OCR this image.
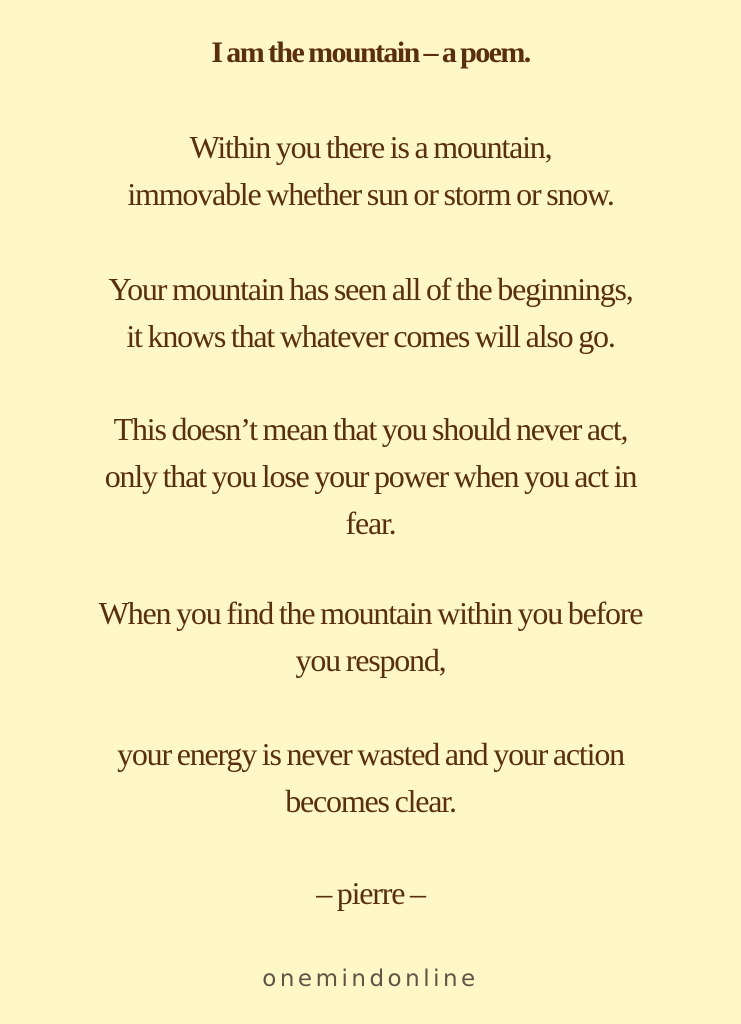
I am the mountain – a poem.
Within you there is a mountain,
immovable whether sun or storm or snow.
Your mountain has seen all of the beginnings,
it knows that whatever comes will also go.
This doesn’t mean that you should never act,
only that you lose your power when you act in
fear.
When you find the mountain within you before
you respond,
your energy is never wasted and your action
becomes clear.
– pierre –
onemindonline
